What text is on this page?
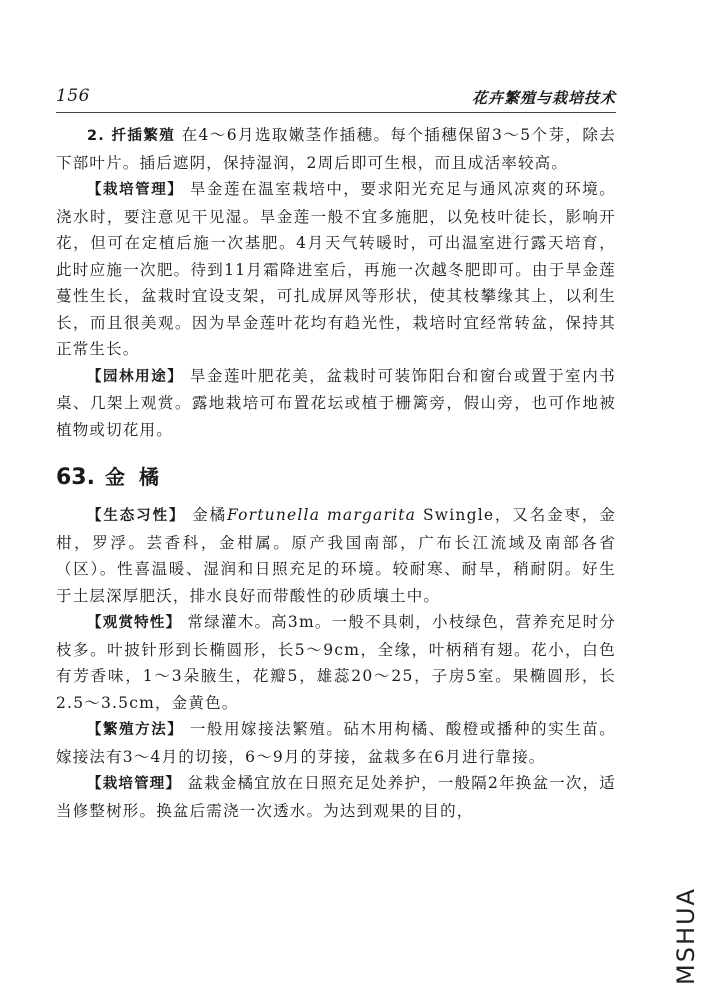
156	花卉繁殖与栽培技术

2. 扦插繁殖 在4～6月选取嫩茎作插穗。每个插穗保留3～5个芽，除去下部叶片。插后遮阴，保持湿润，2周后即可生根，而且成活率较高。

【栽培管理】 旱金莲在温室栽培中，要求阳光充足与通风凉爽的环境。浇水时，要注意见干见湿。旱金莲一般不宜多施肥，以免枝叶徒长，影响开花，但可在定植后施一次基肥。4月天气转暖时，可出温室进行露天培育，此时应施一次肥。待到11月霜降进室后，再施一次越冬肥即可。由于旱金莲蔓性生长，盆栽时宜设支架，可扎成屏风等形状，使其枝攀缘其上，以利生长，而且很美观。因为旱金莲叶花均有趋光性，栽培时宜经常转盆，保持其正常生长。

【园林用途】 旱金莲叶肥花美，盆栽时可装饰阳台和窗台或置于室内书桌、几架上观赏。露地栽培可布置花坛或植于栅篱旁，假山旁，也可作地被植物或切花用。

63. 金橘

【生态习性】 金橘Fortunella margarita Swingle，又名金枣，金柑，罗浮。芸香科，金柑属。原产我国南部，广布长江流域及南部各省（区）。性喜温暖、湿润和日照充足的环境。较耐寒、耐旱，稍耐阴。好生于土层深厚肥沃，排水良好而带酸性的砂质壤土中。

【观赏特性】 常绿灌木。高3m。一般不具刺，小枝绿色，营养充足时分枝多。叶披针形到长椭圆形，长5～9cm，全缘，叶柄稍有翅。花小，白色有芳香味，1～3朵腋生，花瓣5，雄蕊20～25，子房5室。果椭圆形，长2.5～3.5cm，金黄色。

【繁殖方法】 一般用嫁接法繁殖。砧木用枸橘、酸橙或播种的实生苗。嫁接法有3～4月的切接，6～9月的芽接，盆栽多在6月进行靠接。

【栽培管理】 盆栽金橘宜放在日照充足处养护，一般隔2年换盆一次，适当修整树形。换盆后需浇一次透水。为达到观果的目的，

MSHUA
